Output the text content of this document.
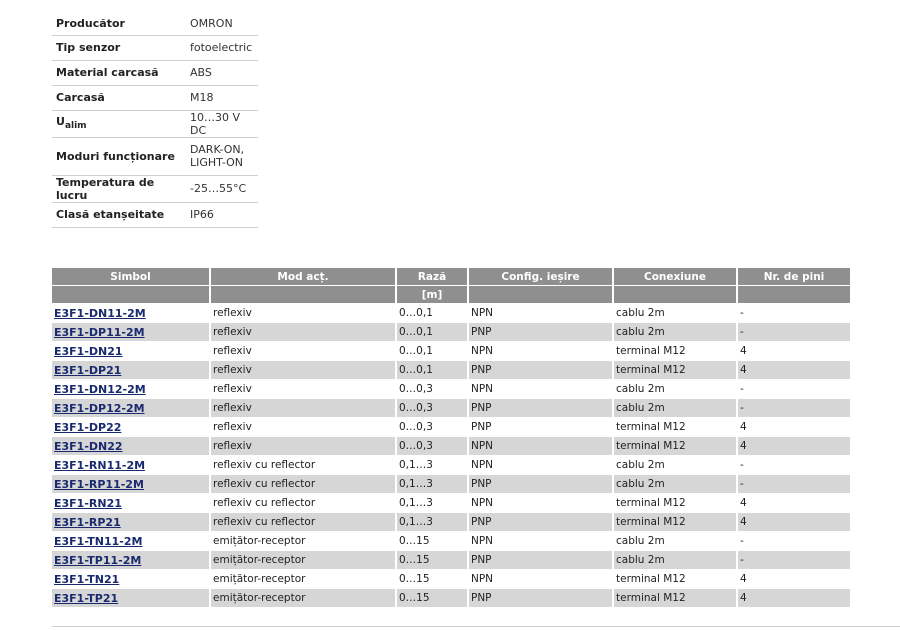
Producător	OMRON

Tip senzor	fotoelectric

Material carcasă	ABS

Carcasă	M18

$U_{alim}$	10…30 V DC

Moduri funcționare	DARK-ON,
LIGHT-ON

Temperatura de lucru	-25…55°C

Clasă etanșeitate	IP66
Simbol	Mod acț.	Rază	Config. ieșire	Conexiune	Nr. de pini
		[m]			
E3F1-DN11-2M	reflexiv	0…0,1	NPN	cablu 2m	-
E3F1-DP11-2M	reflexiv	0…0,1	PNP	cablu 2m	-
E3F1-DN21	reflexiv	0…0,1	NPN	terminal M12	4
E3F1-DP21	reflexiv	0…0,1	PNP	terminal M12	4
E3F1-DN12-2M	reflexiv	0…0,3	NPN	cablu 2m	-
E3F1-DP12-2M	reflexiv	0…0,3	PNP	cablu 2m	-
E3F1-DP22	reflexiv	0…0,3	PNP	terminal M12	4
E3F1-DN22	reflexiv	0…0,3	NPN	terminal M12	4
E3F1-RN11-2M	reflexiv cu reflector	0,1…3	NPN	cablu 2m	-
E3F1-RP11-2M	reflexiv cu reflector	0,1…3	PNP	cablu 2m	-
E3F1-RN21	reflexiv cu reflector	0,1…3	NPN	terminal M12	4
E3F1-RP21	reflexiv cu reflector	0,1…3	PNP	terminal M12	4
E3F1-TN11-2M	emițător-receptor	0…15	NPN	cablu 2m	-
E3F1-TP11-2M	emițător-receptor	0…15	PNP	cablu 2m	-
E3F1-TN21	emițător-receptor	0…15	NPN	terminal M12	4
E3F1-TP21	emițător-receptor	0…15	PNP	terminal M12	4
